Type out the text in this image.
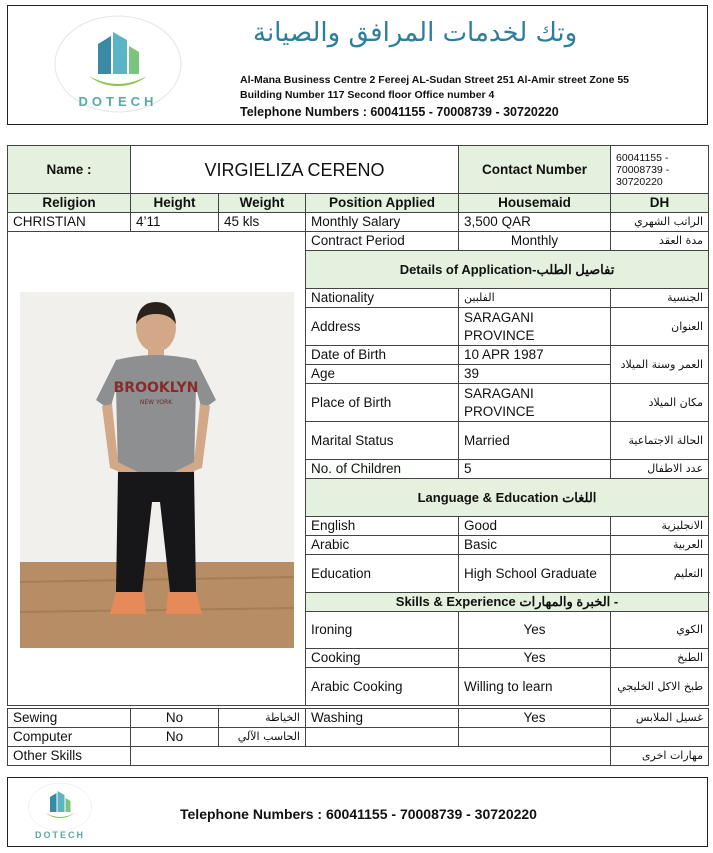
DOTECH
وتك لخدمات المرافق والصيانة
Al-Mana Business Centre 2 Fereej AL-Sudan Street 251 Al-Amir street Zone 55
Building Number 117 Second floor Office number 4
Telephone Numbers : 60041155 - 70008739 - 30720220
Name :	VIRGIELIZA CERENO			Contact Number	60041155 - 70008739 - 30720220	
Religion	Height	Weight	Position Applied	Housemaid	DH	
CHRISTIAN	4’11	45 kls	Monthly Salary	3,500 QAR	الراتب الشهري	

BROOKLYN
NEW YORK			Contract Period	Monthly	مدة العقد	
			Details of Application-تفاصيل الطلب			
			Nationality	الفلبين	الجنسية	
			Address	SARAGANI PROVINCE	العنوان	
			Date of Birth	10 APR 1987	العمر وسنة الميلاد	
			Age	39		
			Place of Birth	SARAGANI PROVINCE	مكان الميلاد	
			Marital Status	Married	الحالة الاجتماعية	
			No. of Children	5	عدد الاطفال	
			Language & Education اللغات			
			English	Good	الانجليزية	
			Arabic	Basic	العربية	
			Education	High School Graduate	التعليم	
			Skills & Experience الخبرة والمهارات -			
			Ironing	Yes	الكوي			
			Cooking	Yes	الطبخ			
			Arabic Cooking	Willing to learn	طبخ الاكل الخليجي			
Sewing	No	الخياطة	Washing	Yes	غسيل الملابس
Computer	No	الحاسب الآلي			
Other Skills					مهارات اخرى
DOTECH
Telephone Numbers : 60041155 - 70008739 - 30720220
